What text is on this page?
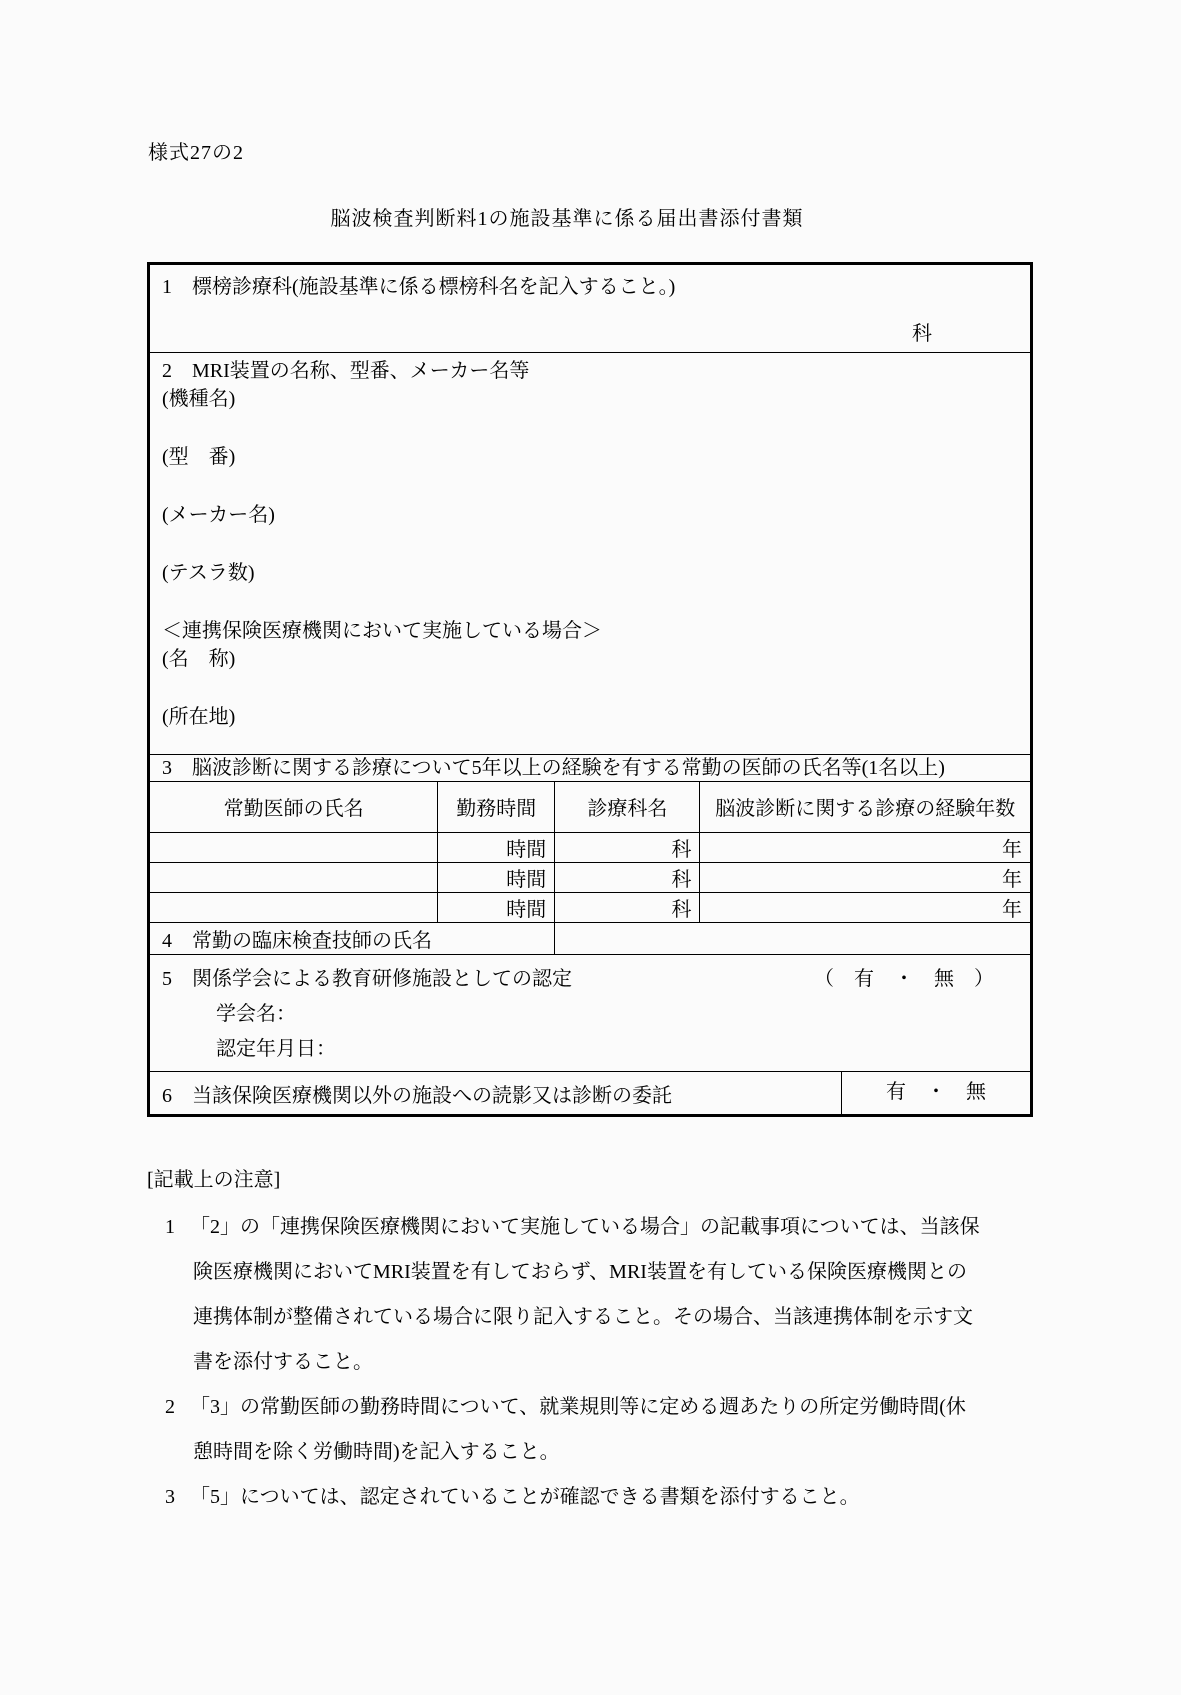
様式27の2
脳波検査判断料1の施設基準に係る届出書添付書類
1　標榜診療科(施設基準に係る標榜科名を記入すること。)
科
2　MRI装置の名称、型番、メーカー名等
(機種名)
(型　番)
(メーカー名)
(テスラ数)
＜連携保険医療機関において実施している場合＞
(名　称)
(所在地)
3　脳波診断に関する診療について5年以上の経験を有する常勤の医師の氏名等(1名以上)
常勤医師の氏名	勤務時間	診療科名	脳波診断に関する診療の経験年数
	時間	科	年
	時間	科	年
	時間	科	年
4　常勤の臨床検査技師の氏名			
5　関係学会による教育研修施設としての認定	（　有　・　無　）
学会名：
認定年月日：
6　当該保険医療機関以外の施設への読影又は診断の委託	有　・　無
[記載上の注意]
1 「2」の「連携保険医療機関において実施している場合」の記載事項については、当該保険医療機関においてMRI装置を有しておらず、MRI装置を有している保険医療機関との連携体制が整備されている場合に限り記入すること。その場合、当該連携体制を示す文書を添付すること。
2 「3」の常勤医師の勤務時間について、就業規則等に定める週あたりの所定労働時間(休憩時間を除く労働時間)を記入すること。
3 「5」については、認定されていることが確認できる書類を添付すること。
